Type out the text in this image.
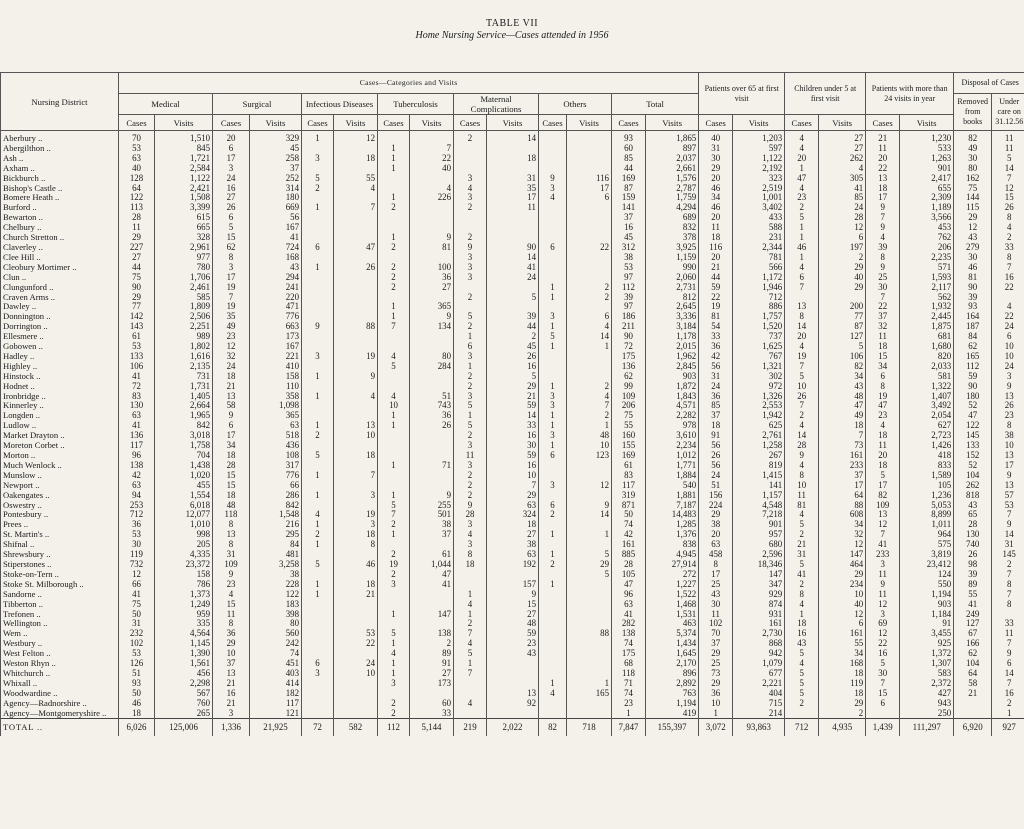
TABLE VII
Home Nursing Service—Cases attended in 1956
Nursing District	Cases—Categories and Visits														Patients over 65 at first visit		Children under 5 at first visit		Patients with more than 24 visits in year		Disposal of Cases	
	Medical		Surgical		Infectious Diseases		Tuberculosis		Maternal Complications		Others		Total								Removed from books	Under care on 31.12.56
	Cases	Visits	Cases	Visits	Cases	Visits	Cases	Visits	Cases	Visits	Cases	Visits	Cases	Visits	Cases	Visits	Cases	Visits	Cases	Visits		
Aberbury ..	70	1,510	20	329	1	12			2	14			93	1,865	40	1,203	4	27	21	1,230	82	11
Abergilthon ..	53	845	6	45			1	7					60	897	31	597	4	27	11	533	49	11
Ash ..	63	1,721	17	258	3	18	1	22		18			85	2,037	30	1,122	20	262	20	1,263	30	5
Axham ..	40	2,584	3	37			1	40					44	2,661	29	2,192	1	4	22	901	80	14
Bickburch ..	128	1,122	24	252	5	55			3	31	9	116	169	1,576	20	323	47	305	13	2,417	162	7
Bishop's Castle ..	64	2,421	16	314	2	4		4	4	35	3	17	87	2,787	46	2,519	4	41	18	655	75	12
Bomere Heath ..	122	1,508	27	180			1	226	3	17	4	6	159	1,759	34	1,001	23	85	17	2,309	144	15
Burford ..	113	3,399	26	669	1	7	2		2	11			141	4,294	46	3,402	2	24	9	1,189	115	26
Bewarton ..	28	615	6	56									37	689	20	433	5	28	7	3,566	29	8
Chelbury ..	11	665	5	167									16	832	11	588	1	12	9	453	12	4
Church Stretton ..	29	328	15	41			1	9	2				45	378	18	231	1	6	4	762	43	2
Claverley ..	227	2,961	62	724	6	47	2	81	9	90	6	22	312	3,925	116	2,344	46	197	39	206	279	33
Clee Hill ..	27	977	8	168					3	14			38	1,159	20	781	1	2	8	2,235	30	8
Cleobury Mortimer ..	44	780	3	43	1	26	2	100	3	41			53	990	21	566	4	29	9	571	46	7
Clun ..	75	1,706	17	294			2	36	3	24			97	2,060	44	1,172	6	40	25	1,593	81	16
Clungunford ..	90	2,461	19	241			2	27			1	2	112	2,731	59	1,946	7	29	30	2,117	90	22
Craven Arms ..	29	585	7	220					2	5	1	2	39	812	22	712			7	562	39	
Dawley ..	77	1,809	19	471			1	365					97	2,645	19	886	13	200	22	1,932	93	4
Donnington ..	142	2,506	35	776			1	9	5	39	3	6	186	3,336	81	1,757	8	77	37	2,445	164	22
Dorrington ..	143	2,251	49	663	9	88	7	134	2	44	1	4	211	3,184	54	1,520	14	87	32	1,875	187	24
Ellesmere ..	61	989	23	173					1	2	5	14	90	1,178	33	737	20	127	11	681	84	6
Gobowen ..	53	1,802	12	167					6	45	1	1	72	2,015	36	1,625	4	5	18	1,680	62	10
Hadley ..	133	1,616	32	221	3	19	4	80	3	26			175	1,962	42	767	19	106	15	820	165	10
Highley ..	106	2,135	24	410			5	284	1	16			136	2,845	56	1,321	7	82	34	2,033	112	24
Hinstock ..	41	731	18	158	1	9			2	5			62	903	31	302	5	34	6	581	59	3
Hodnet ..	72	1,731	21	110					2	29	1	2	99	1,872	24	972	10	43	8	1,322	90	9
Ironbridge ..	83	1,405	13	358	1	4	4	51	3	21	3	4	109	1,843	36	1,326	26	48	19	1,407	180	13
Kinnerley ..	130	2,664	58	1,098			10	743	5	59	3	7	206	4,571	85	2,553	7	47	47	3,492	52	26
Longden ..	63	1,965	9	365			1	36	1	14	1	2	75	2,282	37	1,942	2	49	23	2,054	47	23
Ludlow ..	41	842	6	63	1	13	1	26	5	33	1	1	55	978	18	625	4	18	4	627	122	8
Market Drayton ..	136	3,018	17	518	2	10			2	16	3	48	160	3,610	91	2,761	14	7	18	2,723	145	38
Moreton Corbet ..	117	1,758	34	436					3	30	1	10	155	2,234	56	1,258	28	73	11	1,426	133	10
Morton ..	96	704	18	108	5	18			11	59	6	123	169	1,012	26	267	9	161	20	418	152	13
Much Wenlock ..	138	1,438	28	317			1	71	3	16			61	1,771	56	819	4	233	18	833	52	17
Munslow ..	42	1,020	15	776	1	7			2	10			83	1,884	24	1,415	8	37	5	1,589	104	9
Newport ..	63	455	15	66					2	7	3	12	117	540	51	141	10	17	17	105	262	13
Oakengates ..	94	1,554	18	286	1	3	1	9	2	29			319	1,881	156	1,157	11	64	82	1,236	818	57
Oswestry ..	253	6,018	48	842			5	255	9	63	6	9	871	7,187	224	4,548	81	88	109	5,053	43	53
Pontesbury ..	712	12,077	118	1,548	4	19	7	501	28	324	2	14	50	14,483	29	7,218	4	608	13	8,899	65	7
Prees ..	36	1,010	8	216	1	3	2	38	3	18			74	1,285	38	901	5	34	12	1,011	28	9
St. Martin's ..	53	998	13	295	2	18	1	37	4	27	1	1	42	1,376	20	957	2	32	7	964	130	14
Shifnal ..	30	205	8	84	1	8			3	38			161	838	63	680	21	12	41	575	740	31
Shrewsbury ..	119	4,335	31	481			2	61	8	63	1	5	885	4,945	458	2,596	31	147	233	3,819	26	145
Stiperstones ..	732	23,372	109	3,258	5	46	19	1,044	18	192	2	29	28	27,914	8	18,346	5	464	3	23,412	98	2
Stoke-on-Tern ..	12	158	9	38			2	47				5	105	272	17	147	41	29	11	124	39	7
Stoke St. Milborough ..	66	786	23	228	1	18	3	41		157	1		47	1,227	25	347	2	234	9	550	89	8
Sandorne ..	41	1,373	4	122	1	21			1	9			96	1,522	43	929	8	10	11	1,194	55	7
Tibberton ..	75	1,249	15	183					4	15			63	1,468	30	874	4	40	12	903	41	8
Trefonen ..	50	959	11	398			1	147	1	27			41	1,531	11	931	1	12	3	1,184	249	
Wellington ..	31	335	8	80					2	48			282	463	102	161	18	6	69	91	127	33
Wem ..	232	4,564	36	560		53	5	138	7	59		88	138	5,374	70	2,730	16	161	12	3,455	67	11
Westbury ..	102	1,145	29	242		22	1	2	4	23			74	1,434	37	868	43	55	22	925	166	7
West Felton ..	53	1,390	10	74			4	89	5	43			175	1,645	29	942	5	34	16	1,372	62	9
Weston Rhyn ..	126	1,561	37	451	6	24	1	91	1				68	2,170	25	1,079	4	168	5	1,307	104	6
Whitchurch ..	51	456	13	403	3	10	1	27	7				118	896	73	677	5	18	30	583	64	14
Whixall ..	93	2,298	21	414			3	173			1	1	71	2,892	29	2,221	5	119	7	2,372	58	7
Woodwardine ..	50	567	16	182						13	4	165	74	763	36	404	5	18	15	427	21	16
Agency—Radnorshire ..	46	760	21	117			2	60	4	92			23	1,194	10	715	2	29	6	943		2
Agency—Montgomeryshire ..	18	265	3	121			2	33					1	419	1	214		2		250		1
TOTAL ..	6,026	125,006	1,336	21,925	72	582	112	5,144	219	2,022	82	718	7,847	155,397	3,072	93,863	712	4,935	1,439	111,297	6,920	927
